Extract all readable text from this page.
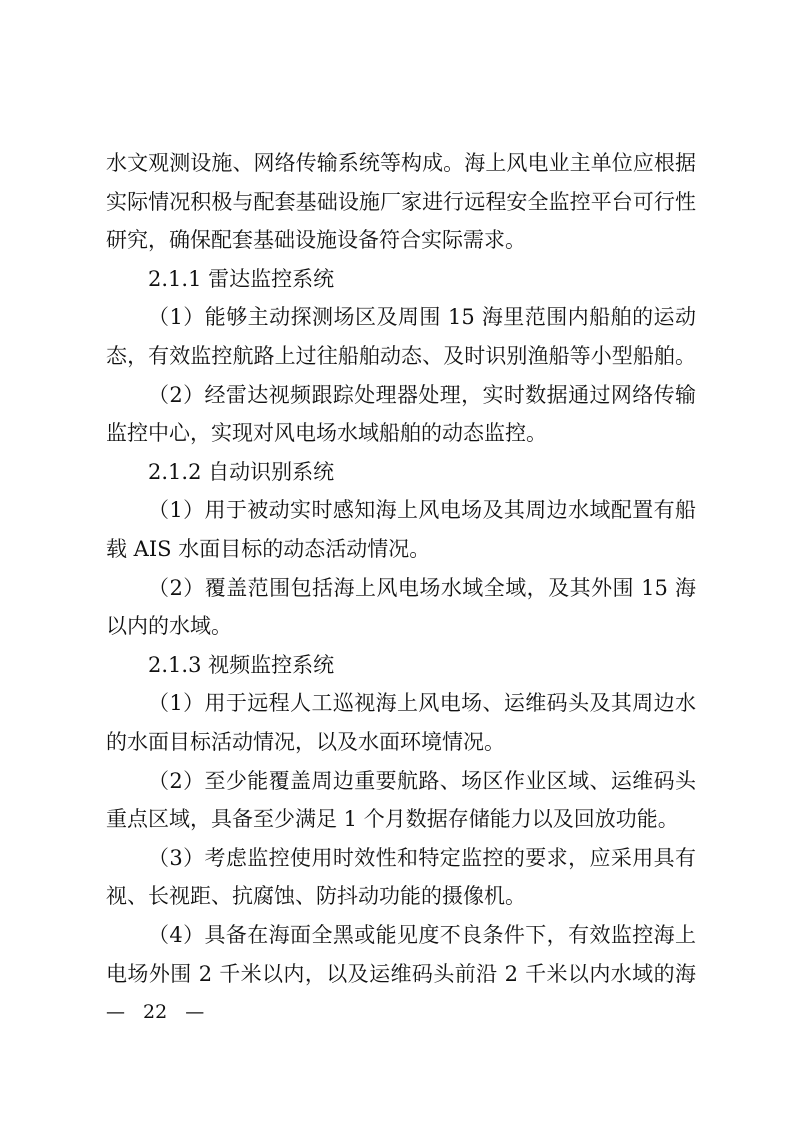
水文观测设施、网络传输系统等构成。海上风电业主单位应根据
实际情况积极与配套基础设施厂家进行远程安全监控平台可行性
研究，确保配套基础设施设备符合实际需求。
2.1.1 雷达监控系统
（1）能够主动探测场区及周围 15 海里范围内船舶的运动
态，有效监控航路上过往船舶动态、及时识别渔船等小型船舶。
（2）经雷达视频跟踪处理器处理，实时数据通过网络传输
监控中心，实现对风电场水域船舶的动态监控。
2.1.2 自动识别系统
（1）用于被动实时感知海上风电场及其周边水域配置有船
载 AIS 水面目标的动态活动情况。
（2）覆盖范围包括海上风电场水域全域，及其外围 15 海
以内的水域。
2.1.3 视频监控系统
（1）用于远程人工巡视海上风电场、运维码头及其周边水
的水面目标活动情况，以及水面环境情况。
（2）至少能覆盖周边重要航路、场区作业区域、运维码头
重点区域，具备至少满足 1 个月数据存储能力以及回放功能。
（3）考虑监控使用时效性和特定监控的要求，应采用具有
视、长视距、抗腐蚀、防抖动功能的摄像机。
（4）具备在海面全黑或能见度不良条件下，有效监控海上
电场外围 2 千米以内，以及运维码头前沿 2 千米以内水域的海
— 22 —
